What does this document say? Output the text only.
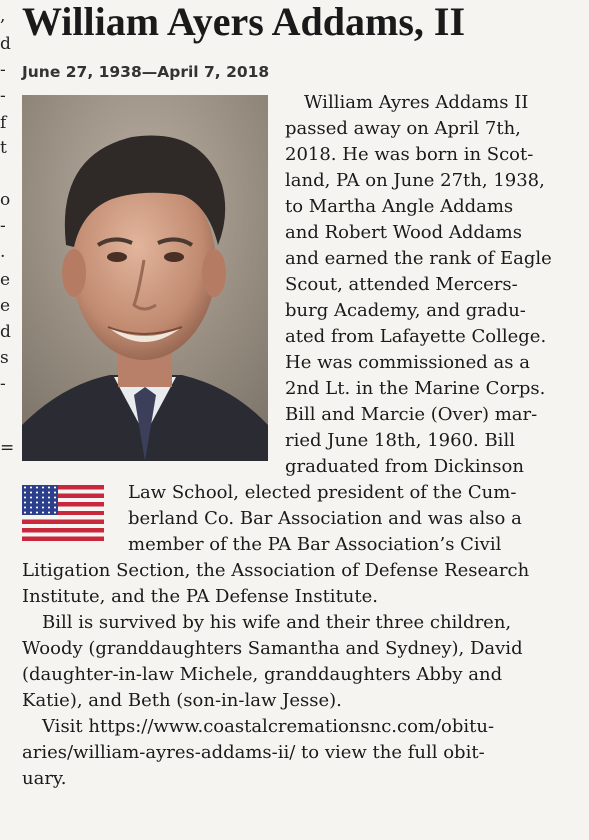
,
d
-
-
f
t
o
-
.
e
e
d
s
-
=
William Ayers Addams, II
June 27, 1938—April 7, 2018
William Ayres Addams II
passed away on April 7th,
2018. He was born in Scot-
land, PA on June 27th, 1938,
to Martha Angle Addams
and Robert Wood Addams
and earned the rank of Eagle
Scout, attended Mercers-
burg Academy, and gradu-
ated from Lafayette College.
He was commissioned as a
2nd Lt. in the Marine Corps.
Bill and Marcie (Over) mar-
ried June 18th, 1960. Bill
graduated from Dickinson
Law School, elected president of the Cum-
berland Co. Bar Association and was also a
member of the PA Bar Association’s Civil
Litigation Section, the Association of Defense Research
Institute, and the PA Defense Institute.
Bill is survived by his wife and their three children,
Woody (granddaughters Samantha and Sydney), David
(daughter-in-law Michele, granddaughters Abby and
Katie), and Beth (son-in-law Jesse).
Visit https://www.coastalcremationsnc.com/obitu-
aries/william-ayres-addams-ii/ to view the full obit-
uary.
